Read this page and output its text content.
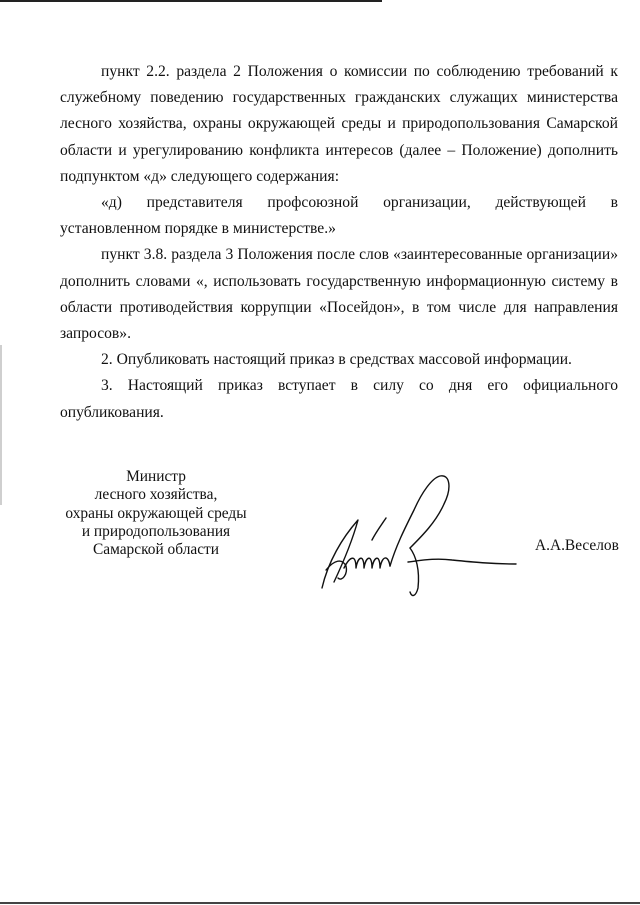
пункт 2.2. раздела 2 Положения о комиссии по соблюдению требований к служебному поведению государственных гражданских служащих министерства лесного хозяйства, охраны окружающей среды и природопользования Самарской области и урегулированию конфликта интересов (далее – Положение) дополнить подпунктом «д» следующего содержания:

«д) представителя профсоюзной организации, действующей в установленном порядке в министерстве.»

пункт 3.8. раздела 3 Положения после слов «заинтересованные организации» дополнить словами «, использовать государственную информационную систему в области противодействия коррупции «Посейдон», в том числе для направления запросов».

2. Опубликовать настоящий приказ в средствах массовой информации.

3. Настоящий приказ вступает в силу со дня его официального опубликования.

Министр
лесного хозяйства,
охраны окружающей среды
и природопользования
Самарской области	А.А.Веселов
